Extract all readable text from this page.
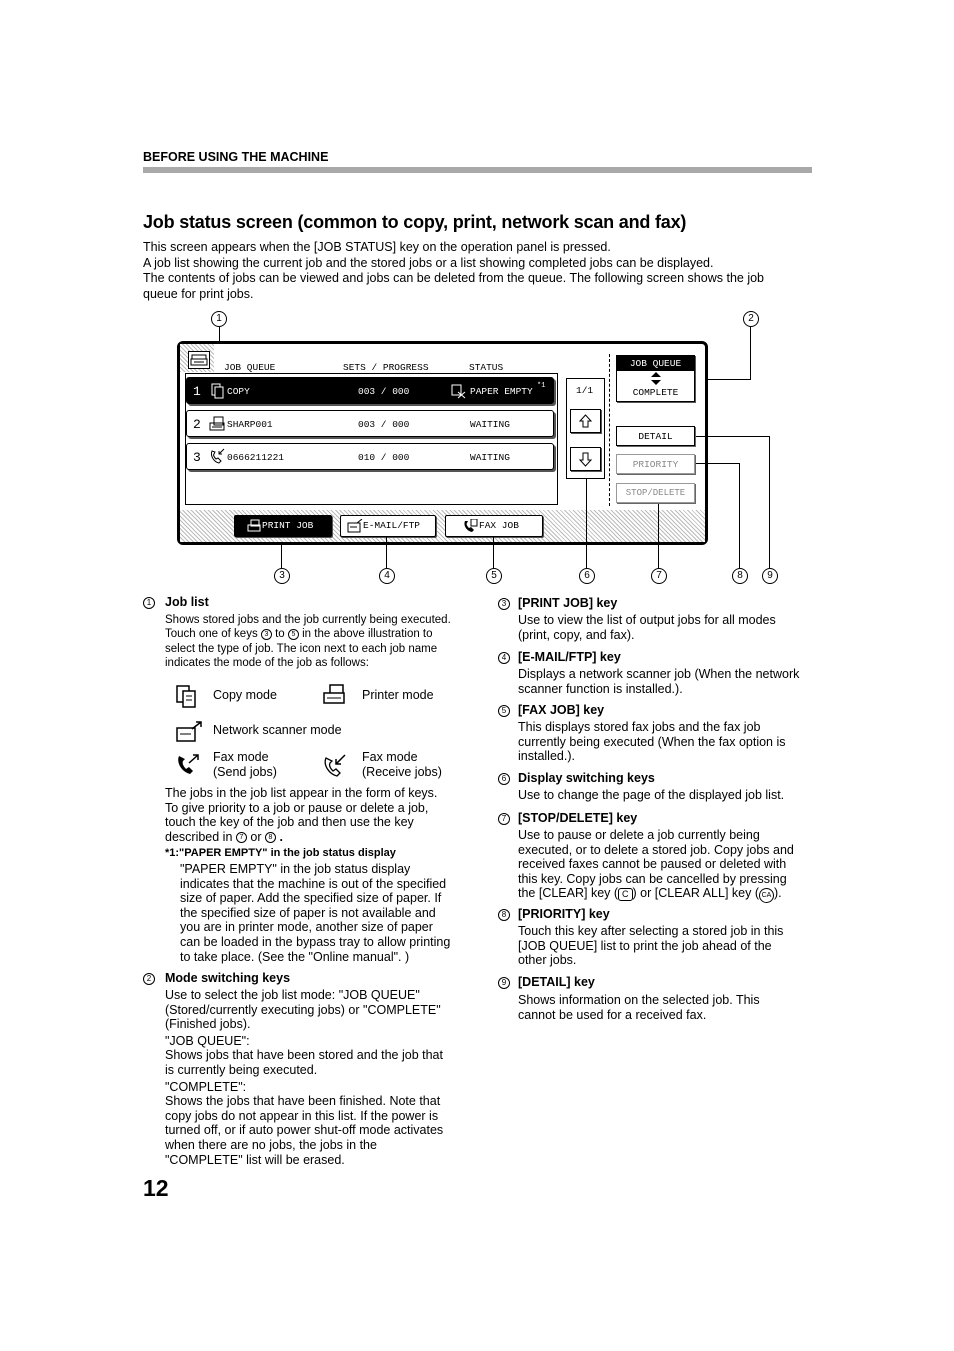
BEFORE USING THE MACHINE
Job status screen (common to copy, print, network scan and fax)
This screen appears when the [JOB STATUS] key on the operation panel is pressed.
A job list showing the current job and the stored jobs or a list showing completed jobs can be displayed.
The contents of jobs can be viewed and jobs can be deleted from the queue. The following screen shows the job
queue for print jobs.
1	2
JOB QUEUE	SETS / PROGRESS	STATUS
1	COPY	003 / 000	PAPER EMPTY *1
2	SHARP001	003 / 000	WAITING
3	0666211221	010 / 000	WAITING
1/1
JOB QUEUE
COMPLETE
DETAIL
PRIORITY
STOP/DELETE
PRINT JOB	E-MAIL/FTP	FAX JOB
3	4	5	6	7	8	9
1	Job list
Shows stored jobs and the job currently being executed.
Touch one of keys 3 to 5 in the above illustration to
select the type of job. The icon next to each job name
indicates the mode of the job as follows:
Copy mode	Printer mode
Network scanner mode
Fax mode
(Send jobs)
Fax mode
(Receive jobs)
The jobs in the job list appear in the form of keys.
To give priority to a job or pause or delete a job,
touch the key of the job and then use the key
described in 7 or 8 .
*1:"PAPER EMPTY" in the job status display
"PAPER EMPTY" in the job status display
indicates that the machine is out of the specified
size of paper. Add the specified size of paper. If
the specified size of paper is not available and
you are in printer mode, another size of paper
can be loaded in the bypass tray to allow printing
to take place. (See the "Online manual". )
2	Mode switching keys
Use to select the job list mode: "JOB QUEUE"
(Stored/currently executing jobs) or "COMPLETE"
(Finished jobs).
"JOB QUEUE":
Shows jobs that have been stored and the job that
is currently being executed.
"COMPLETE":
Shows the jobs that have been finished. Note that
copy jobs do not appear in this list. If the power is
turned off, or if auto power shut-off mode activates
when there are no jobs, the jobs in the
"COMPLETE" list will be erased.
3 [PRINT JOB] key
Use to view the list of output jobs for all modes
(print, copy, and fax).
4 [E-MAIL/FTP] key
Displays a network scanner job (When the network
scanner function is installed.).
5 [FAX JOB] key
This displays stored fax jobs and the fax job
currently being executed (When the fax option is
installed.).
6 Display switching keys
Use to change the page of the displayed job list.
7 [STOP/DELETE] key
Use to pause or delete a job currently being
executed, or to delete a stored job. Copy jobs and
received faxes cannot be paused or deleted with
this key. Copy jobs can be cancelled by pressing
the [CLEAR] key ( C ) or [CLEAR ALL] key ( CA ).
8 [PRIORITY] key
Touch this key after selecting a stored job in this
[JOB QUEUE] list to print the job ahead of the
other jobs.
9 [DETAIL] key
Shows information on the selected job. This
cannot be used for a received fax.
12
